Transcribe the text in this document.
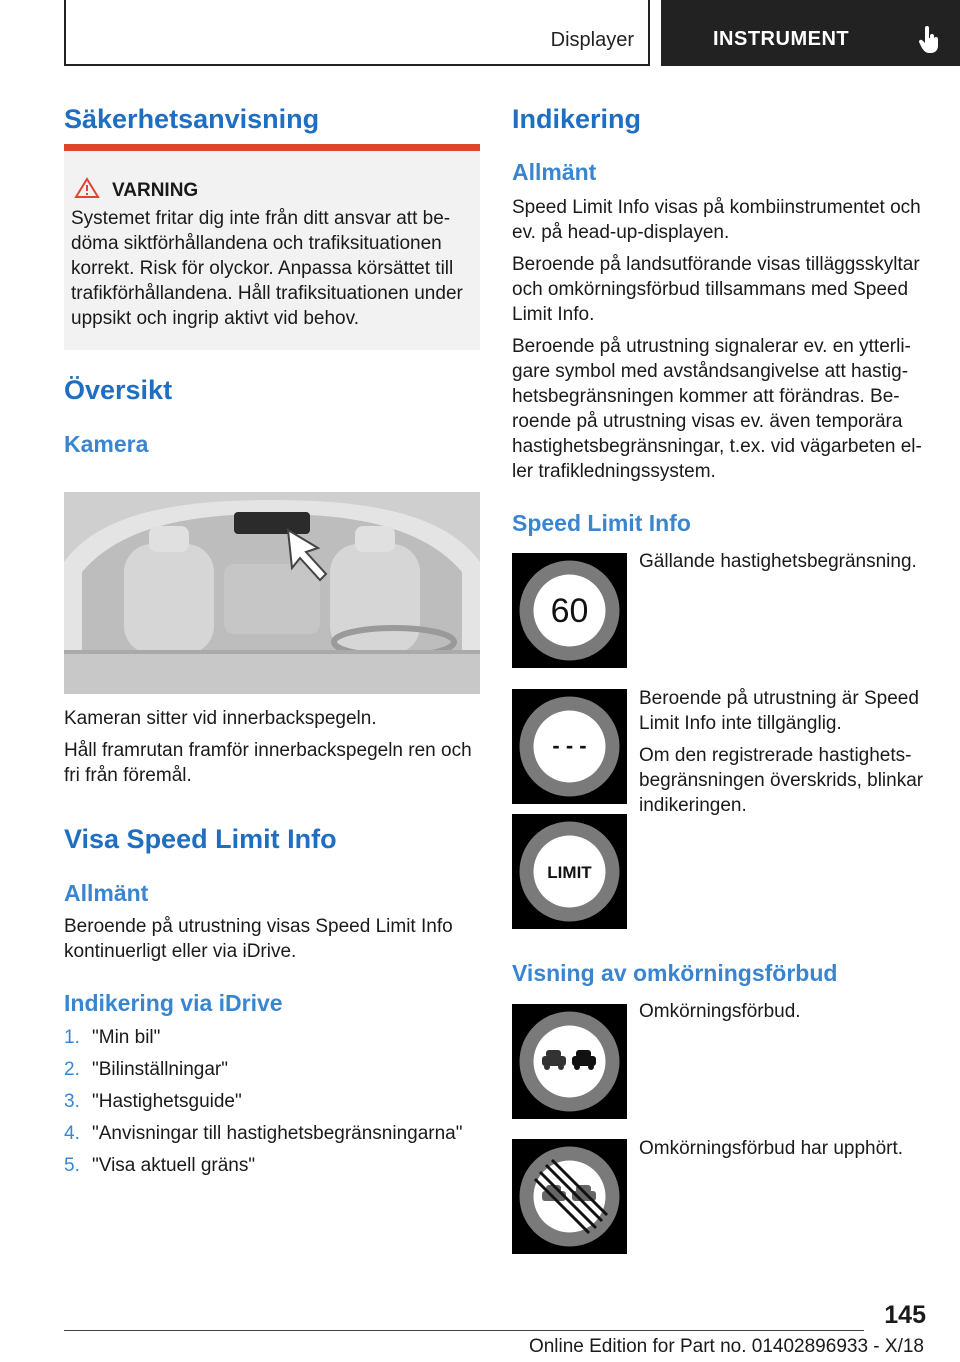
Displayer	INSTRUMENT
Säkerhetsanvisning
VARNING
Systemet fritar dig inte från ditt ansvar att be-
döma siktförhållandena och trafiksituationen
korrekt. Risk för olyckor. Anpassa körsättet till
trafikförhållandena. Håll trafiksituationen under
uppsikt och ingrip aktivt vid behov.
Översikt
Kamera
Kameran sitter vid innerbackspegeln.
Håll framrutan framför innerbackspegeln ren och
fri från föremål.
Visa Speed Limit Info
Allmänt
Beroende på utrustning visas Speed Limit Info
kontinuerligt eller via iDrive.
Indikering via iDrive
1. "Min bil"
2. "Bilinställningar"
3. "Hastighetsguide"
4. "Anvisningar till hastighetsbegränsningarna"
5. "Visa aktuell gräns"
Indikering
Allmänt
Speed Limit Info visas på kombiinstrumentet och
ev. på head-up-displayen.
Beroende på landsutförande visas tilläggsskyltar
och omkörningsförbud tillsammans med Speed
Limit Info.
Beroende på utrustning signalerar ev. en ytterli-
gare symbol med avståndsangivelse att hastig-
hetsbegränsningen kommer att förändras. Be-
roende på utrustning visas ev. även temporära
hastighetsbegränsningar, t.ex. vid vägarbeten el-
ler trafikledningssystem.
Speed Limit Info
60
Gällande hastighetsbegränsning.
- - -
Beroende på utrustning är Speed
Limit Info inte tillgänglig.
Om den registrerade hastighets-
begränsningen överskrids, blinkar
indikeringen.
LIMIT
Visning av omkörningsförbud
Omkörningsförbud.
Omkörningsförbud har upphört.
145
Online Edition for Part no. 01402896933 - X/18
